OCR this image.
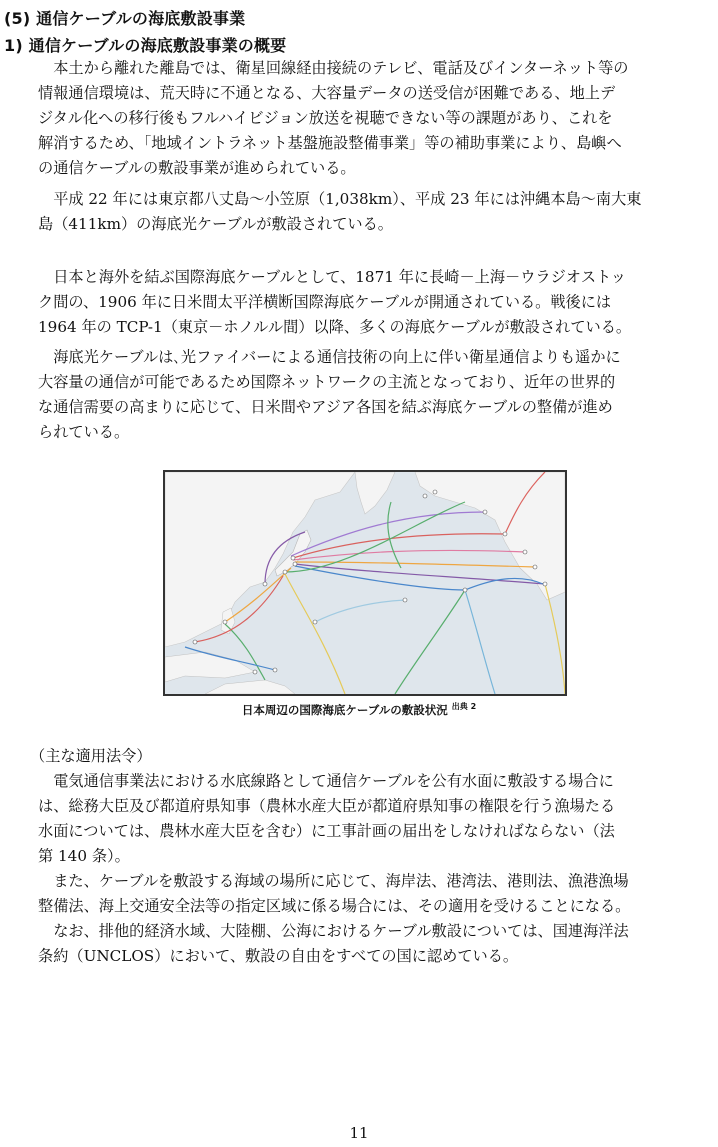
(5) 通信ケーブルの海底敷設事業
1) 通信ケーブルの海底敷設事業の概要
本土から離れた離島では、衛星回線経由接続のテレビ、電話及びインターネット等の
情報通信環境は、荒天時に不通となる、大容量データの送受信が困難である、地上デ
ジタル化への移行後もフルハイビジョン放送を視聴できない等の課題があり、これを
解消するため、「地域イントラネット基盤施設整備事業」等の補助事業により、島嶼へ
の通信ケーブルの敷設事業が進められている。
平成 22 年には東京都八丈島～小笠原（1,038km）、平成 23 年には沖縄本島～南大東
島（411km）の海底光ケーブルが敷設されている。
日本と海外を結ぶ国際海底ケーブルとして、1871 年に長崎－上海－ウラジオストッ
ク間の、1906 年に日米間太平洋横断国際海底ケーブルが開通されている。戦後には
1964 年の TCP-1（東京－ホノルル間）以降、多くの海底ケーブルが敷設されている。
海底光ケーブルは､光ファイバーによる通信技術の向上に伴い衛星通信よりも遥かに
大容量の通信が可能であるため国際ネットワークの主流となっており、近年の世界的
な通信需要の高まりに応じて、日米間やアジア各国を結ぶ海底ケーブルの整備が進め
られている。
日本周辺の国際海底ケーブルの敷設状況 $^{出典 2}$
（主な適用法令）
電気通信事業法における水底線路として通信ケーブルを公有水面に敷設する場合に
は、総務大臣及び都道府県知事（農林水産大臣が都道府県知事の権限を行う漁場たる
水面については、農林水産大臣を含む）に工事計画の届出をしなければならない（法
第 140 条）。
また、ケーブルを敷設する海域の場所に応じて、海岸法、港湾法、港則法、漁港漁場
整備法、海上交通安全法等の指定区域に係る場合には、その適用を受けることになる。
なお、排他的経済水域、大陸棚、公海におけるケーブル敷設については、国連海洋法
条約（UNCLOS）において、敷設の自由をすべての国に認めている。
11
